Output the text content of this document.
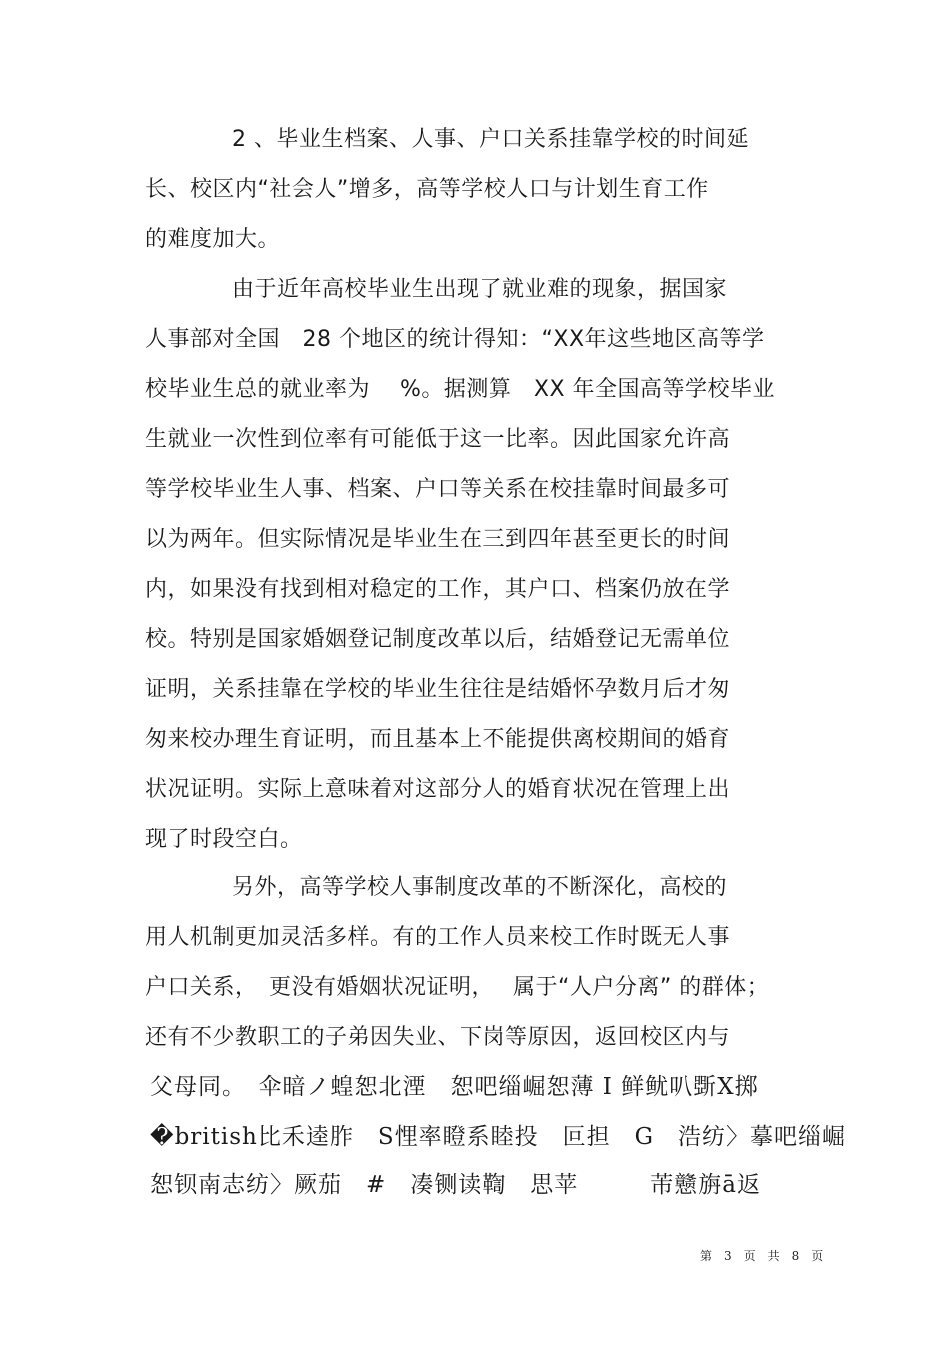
2 、毕业生档案、人事、户口关系挂靠学校的时间延
长、校区内“社会人”增多，高等学校人口与计划生育工作
的难度加大。
由于近年高校毕业生出现了就业难的现象，据国家
人事部对全国　28 个地区的统计得知：“XX年这些地区高等学
校毕业生总的就业率为　 %。据测算　XX 年全国高等学校毕业
生就业一次性到位率有可能低于这一比率。因此国家允许高
等学校毕业生人事、档案、户口等关系在校挂靠时间最多可
以为两年。但实际情况是毕业生在三到四年甚至更长的时间
内，如果没有找到相对稳定的工作，其户口、档案仍放在学
校。特别是国家婚姻登记制度改革以后，结婚登记无需单位
证明，关系挂靠在学校的毕业生往往是结婚怀孕数月后才匆
匆来校办理生育证明，而且基本上不能提供离校期间的婚育
状况证明。实际上意味着对这部分人的婚育状况在管理上出
现了时段空白。
另外，高等学校人事制度改革的不断深化，高校的
用人机制更加灵活多样。有的工作人员来校工作时既无人事
户口关系，　更没有婚姻状况证明，　 属于“人户分离” 的群体；
还有不少教职工的子弟因失业、下岗等原因，返回校区内与
父母同。　伞暗ノ蝗恕北湮　恕吧缁崛恕薄 I 鲜鱿叭斲Ⅹ掷
�british比禾逵胙　S悝率瞪系睦投　叵担　G　浩纺〉摹吧缁崛
恕钡南志纺〉厥茄　#　凑铡读鞫　思苹　　　芾戆旃ā返
第　3　页　共　8　页
